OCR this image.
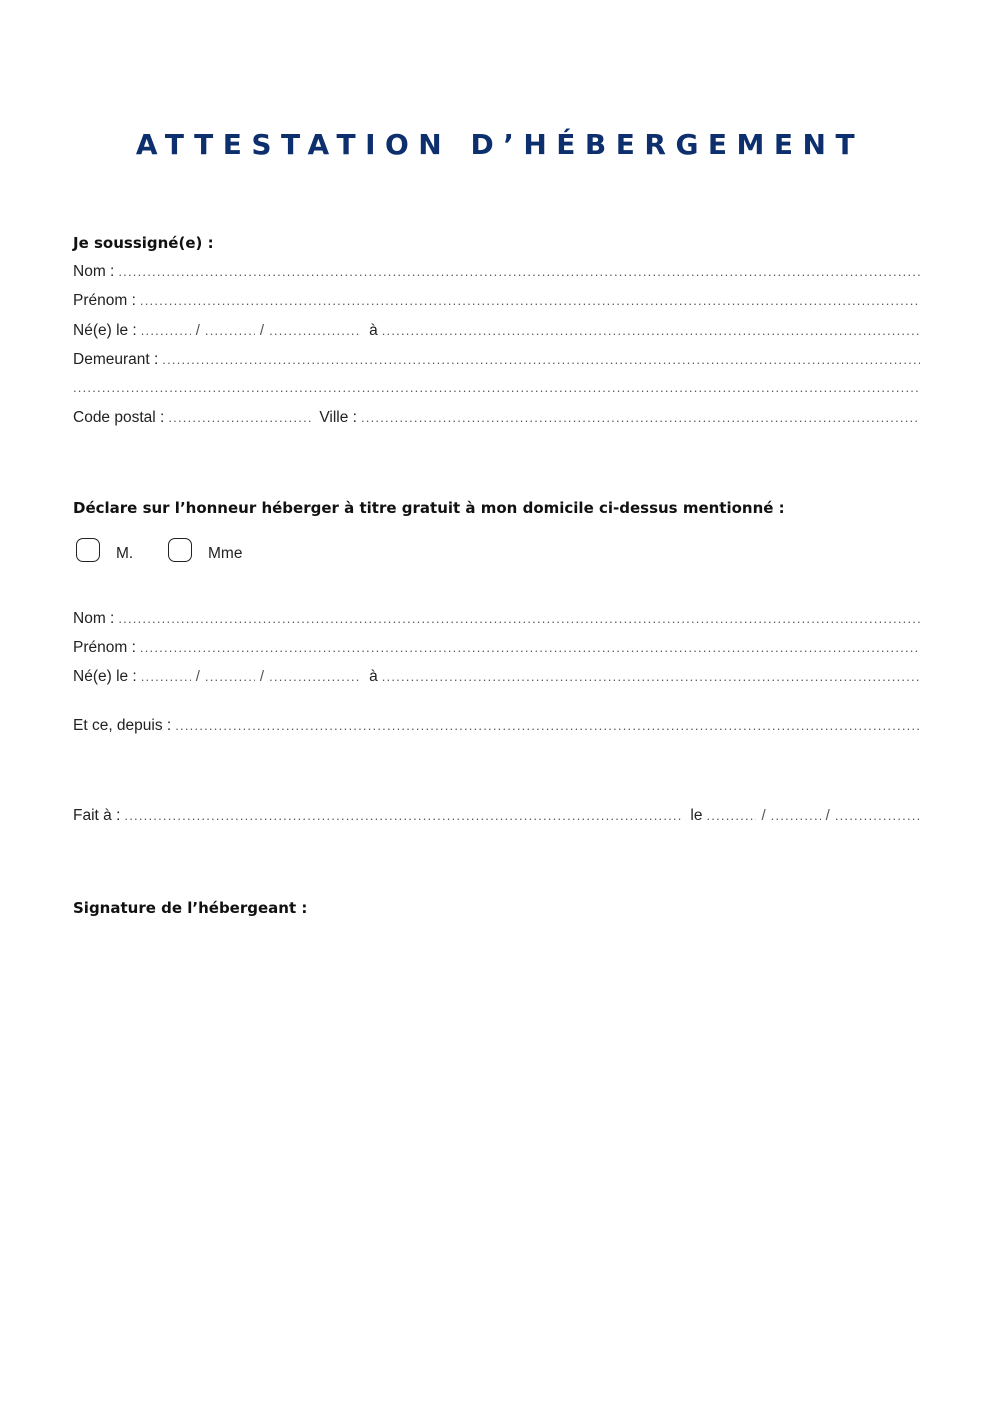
ATTESTATION D’HÉBERGEMENT
Je soussigné(e) :
Nom :
.....
Prénom :
.....
Né(e) le : .....	/ .....	/ .....	à
.....
Demeurant :
.....
.....
Code postal : .....	Ville :
.....
Déclare sur l’honneur héberger à titre gratuit à mon domicile ci-dessus mentionné :
M.	Mme
Nom :
.....
Prénom :
.....
Né(e) le : .....	/ .....	/ .....	à
.....
Et ce, depuis :
.....
Fait à : .....	le .....	/ .....	/
.....
Signature de l’hébergeant :
